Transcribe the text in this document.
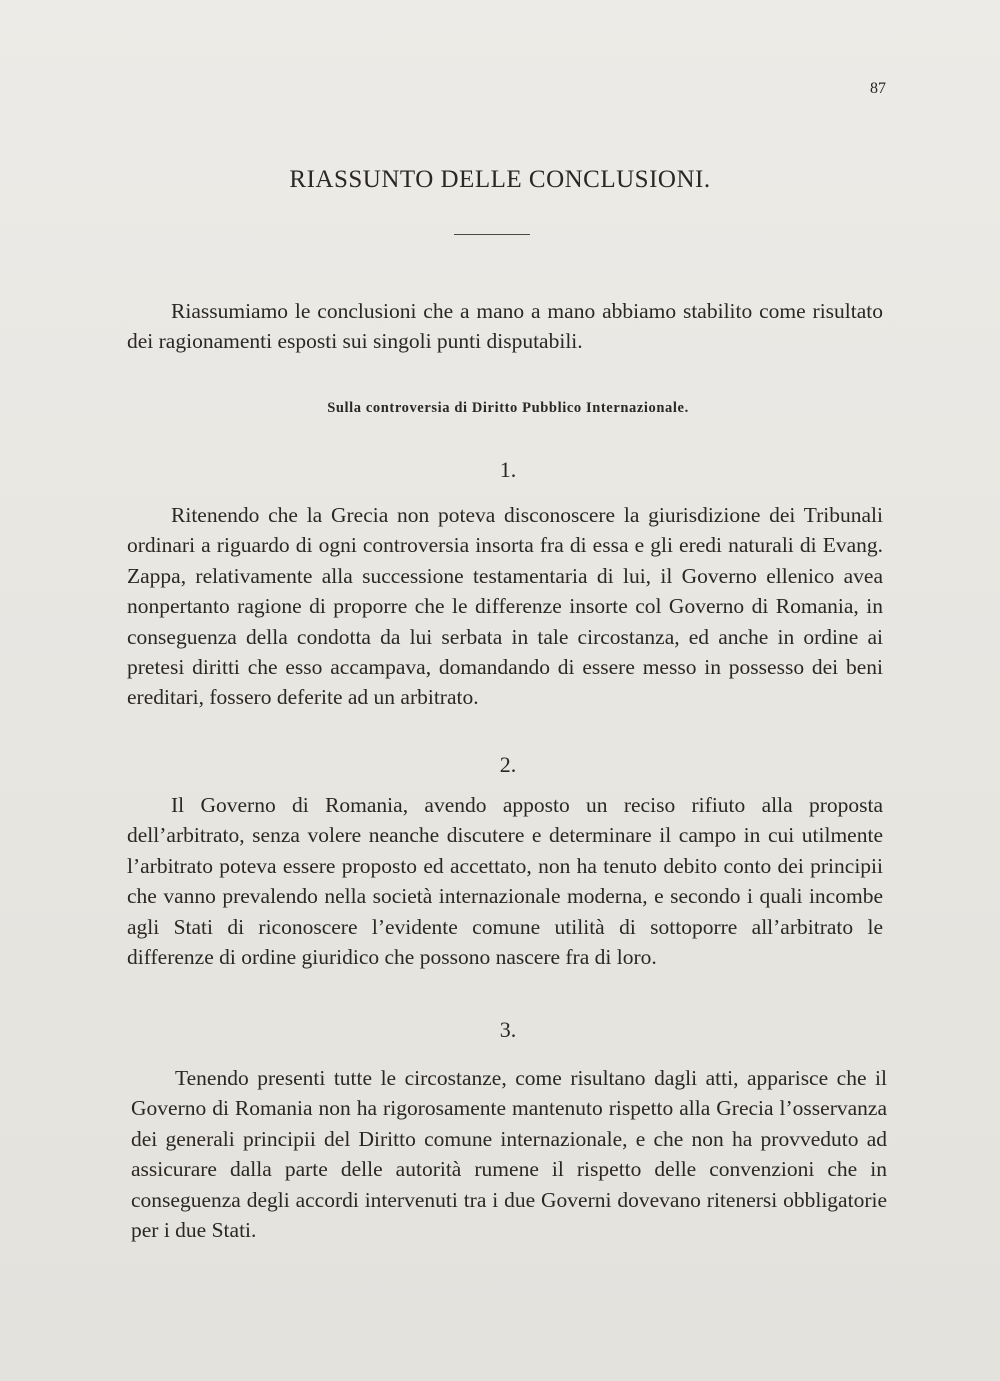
87
RIASSUNTO DELLE CONCLUSIONI.

Riassumiamo le conclusioni che a mano a mano abbiamo stabilito come risultato dei ragionamenti esposti sui singoli punti disputabili.

Sulla controversia di Diritto Pubblico Internazionale.
1.

Ritenendo che la Grecia non poteva disconoscere la giurisdizione dei Tribunali ordinari a riguardo di ogni controversia insorta fra di essa e gli eredi naturali di Evang. Zappa, relativamente alla successione testamentaria di lui, il Governo ellenico avea nonpertanto ragione di proporre che le differenze insorte col Governo di Romania, in conseguenza della condotta da lui serbata in tale circostanza, ed anche in ordine ai pretesi diritti che esso accampava, domandando di essere messo in possesso dei beni ereditari, fossero deferite ad un arbitrato.

2.

Il Governo di Romania, avendo apposto un reciso rifiuto alla proposta dell’arbitrato, senza volere neanche discutere e determinare il campo in cui utilmente l’arbitrato poteva essere proposto ed accettato, non ha tenuto debito conto dei principii che vanno prevalendo nella società internazionale moderna, e secondo i quali incombe agli Stati di riconoscere l’evidente comune utilità di sottoporre all’arbitrato le differenze di ordine giuridico che possono nascere fra di loro.

3.

Tenendo presenti tutte le circostanze, come risultano dagli atti, apparisce che il Governo di Romania non ha rigorosamente mantenuto rispetto alla Grecia l’osservanza dei generali principii del Diritto comune internazionale, e che non ha provveduto ad assicurare dalla parte delle autorità rumene il rispetto delle convenzioni che in conseguenza degli accordi intervenuti tra i due Governi dovevano ritenersi obbligatorie per i due Stati.
